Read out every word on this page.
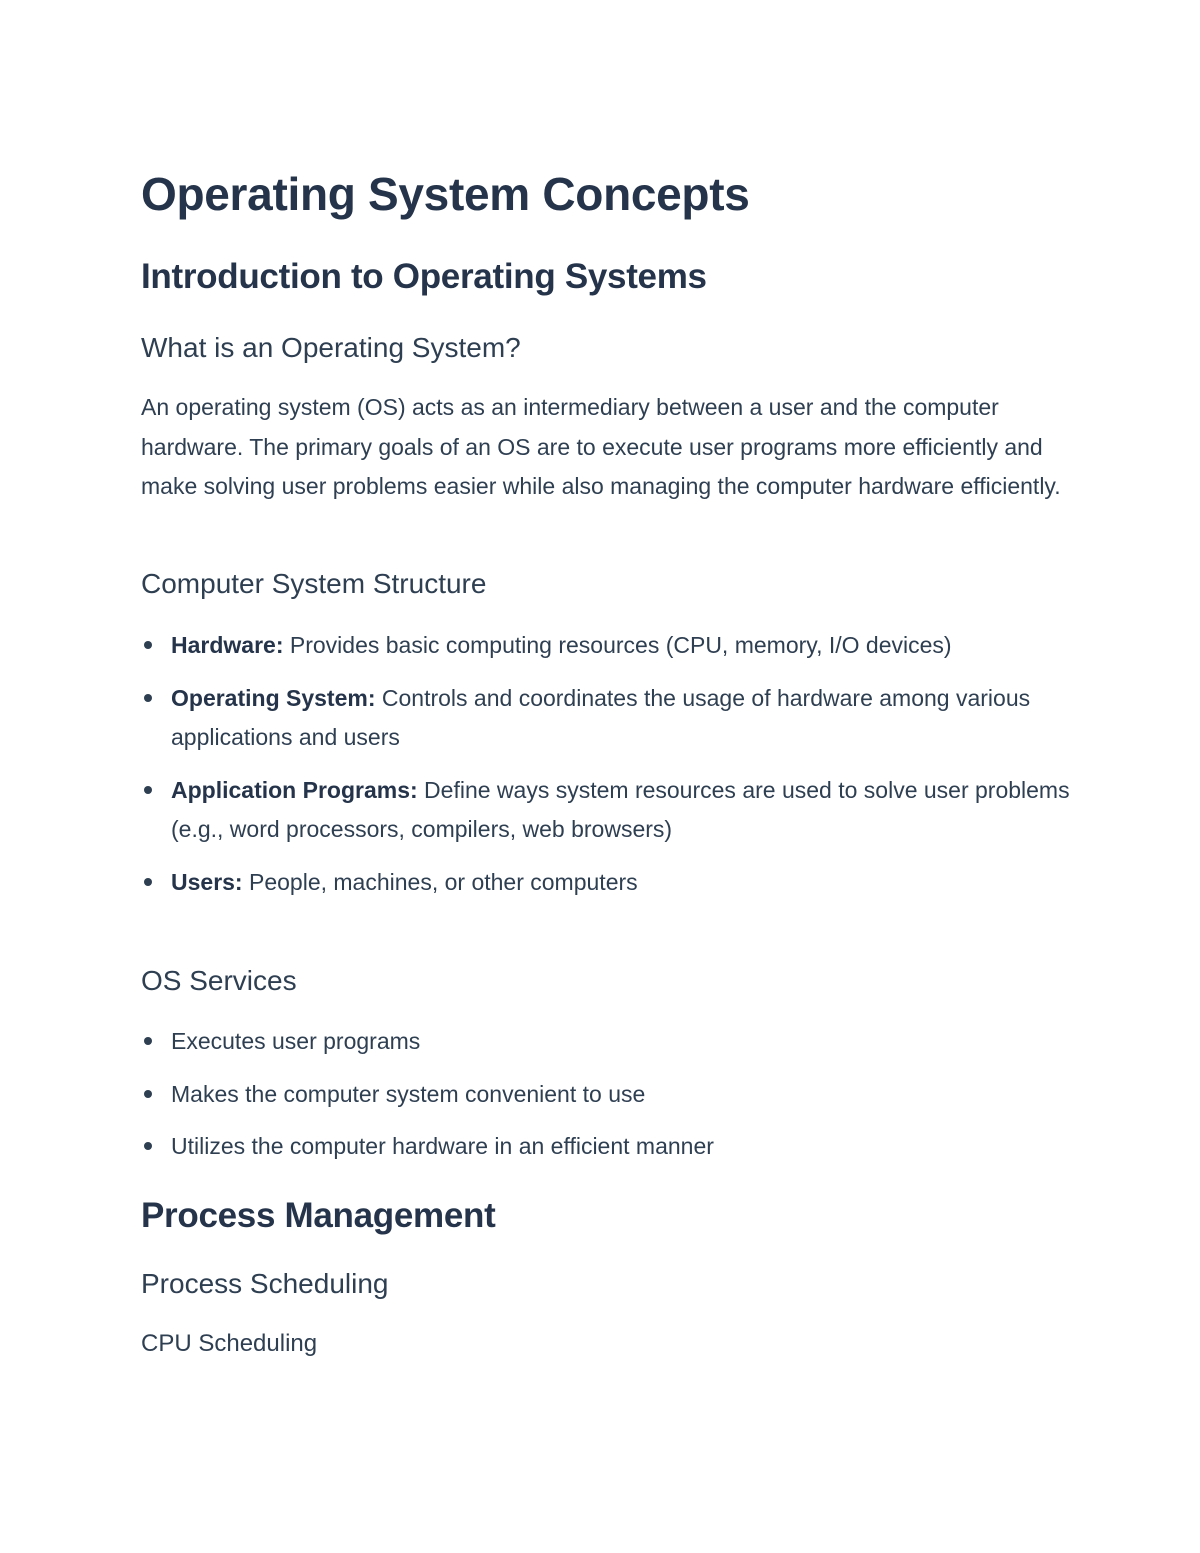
Operating System Concepts
Introduction to Operating Systems
What is an Operating System?

An operating system (OS) acts as an intermediary between a user and the computer hardware. The primary goals of an OS are to execute user programs more efficiently and make solving user problems easier while also managing the computer hardware efficiently.

Computer System Structure
Hardware: Provides basic computing resources (CPU, memory, I/O devices)
Operating System: Controls and coordinates the usage of hardware among various applications and users
Application Programs: Define ways system resources are used to solve user problems (e.g., word processors, compilers, web browsers)
Users: People, machines, or other computers
OS Services
Executes user programs
Makes the computer system convenient to use
Utilizes the computer hardware in an efficient manner
Process Management
Process Scheduling
CPU Scheduling
